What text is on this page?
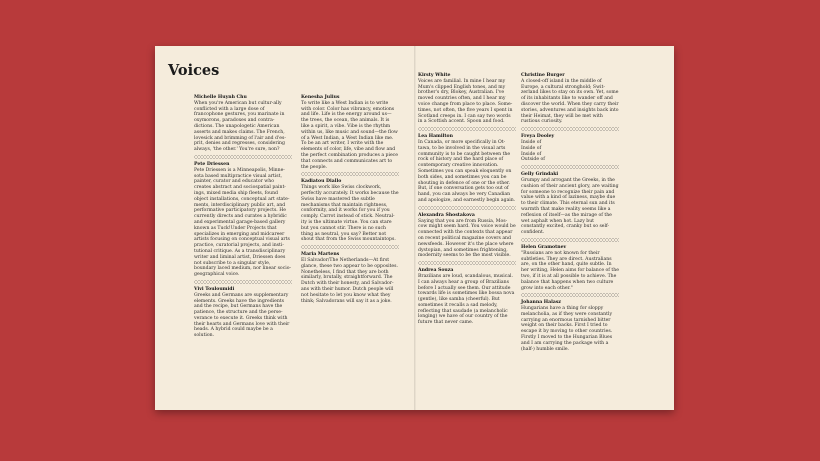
Voices
Michelle Huynh Chu
When you're American but cultur-ally conflicted with a large dose of francophone gestures, you marinate in oxymorons, paradoxes and contra-dictions. The unapologetic American asserts and makes claims. The French, lovesick and brimming of l'air and d'es-prit, denies and regresses, considering always, 'the other.' You're sure, non?
Pete Driessen
Pete Driessen is a Minneapolis, Minne-sota based multipractice visual artist, painter, curator and educator who creates abstract and sociospatial paint-ings, mixed media ship fleets, found object installations, conceptual art state-ments, interdisciplinary public art, and performative participatory projects. He currently directs and curates a hybridic and experimental garage-based gallery known as Tuck!Under Projects that specializes in emerging and midcareer artists focusing on conceptual visual arts practice, curatorial projects, and insti-tutional critique. As a transdisciplinary writer and liminal artist, Driessen does not subscribe to a singular style, boundary laced medium, nor linear socio-geographical voice.
Vivi Touloumidi
Greeks and Germans are supplementary elements. Greeks have the ingredients and the recipe, but Germans have the patience, the structure and the perse-verance to execute it. Greeks think with their hearts and Germans love with their heads. A hybrid could maybe be a solution.
Kenesha Julius
To write like a West Indian is to write with color. Color has vibrancy, emotions and life. Life is the energy around us—the trees, the ocean, the animals. It is like a spirit, a vibe. Vibe is the rhythm within us, like music and sound—the flow of a West Indian, a West Indian like me. To be an art writer, I write with the elements of color, life, vibe and flow and the perfect combination produces a piece that connects and communicates art to the people.
Kadiatou Diallo
Things work like Swiss clockwork, perfectly accurately. It works because the Swiss have mastered the subtle mechanisms that maintain rightness, conformity, and it works for you if you comply. Carrot instead of stick. Neutral-ity is the ultimate virtue. You can stare but you cannot stir. There is no such thing as neutral, you say? Better not shout that from the Swiss mountaintops.
Maria Martens
El Salvador/The Netherlands—At first glance, these two appear to be opposites. Nonetheless, I find that they are both similarly, brutally, straightforward. The Dutch with their honesty, and Salvador-ans with their humor. Dutch people will not hesitate to let you know what they think; Salvadorans will say it as a joke.
Kirsty White
Voices are familial. In mine I hear my Mum's clipped English tones, and my brother's dry, Blokey, Australian. I've moved countries often, and I hear my voice change from place to place. Some-times, not often, the five years I spent in Scotland creeps in. I can say two words in a Scottish accent. Spoon and food.
Lea Hamilton
In Canada, or more specifically in Ot-tawa, to be involved in the visual arts community is to be caught between the rock of history and the hard place of contemporary creative innovation. Sometimes you can speak eloquently on both sides, and sometimes you can be shouting in defence of one or the other. But, if one conversation gets too out of hand, you can always be very Canadian and apologize, and earnestly begin again.
Alexandra Shostakova
Saying that you are from Russia, Mos-cow might seem hard. You voice would be connected with the contexts that appear on recent political magazine covers and newsfeeds. However it's the place where dystopian, and sometimes frightening, modernity seems to be the most visible.
Andrea Souza
Brazilians are loud, scandalous, musical. I can always hear a group of Brazilians before I actually see them. Our attitude towards life is sometimes like bossa nova (gentle), like samba (cheerful). But sometimes it recalls a sad melody, reflecting that saudade (a melancholic longing) we have of our country of the future that never came.
Christine Burger
A closed-off island in the middle of Europe, a cultural stronghold; Swit-zerland likes to stay on its own. Yet, some of its inhabitants like to wander off and discover the world. When they carry their stories, adventures and insights back into their Heimat, they will be met with rustious curiosity.
Freya Dooley
Inside of
Inside of
Inside of
Outside of
Gelly Grindaki
Grumpy and arrogant the Greeks, in the cushion of their ancient glory, are waiting for someone to recognize their pain and value with a kind of laziness, maybe due to their climate. This eternal sun and its warmth that make reality seems like a reflexion of itself—as the mirage of the wet asphalt when hot. Lazy but constantly excited, cranky but so self-confident.
Helen Gramotnev
"Russians are not known for their subtleties. They are direct. Australians are, on the other hand, quite subtle. In her writing, Helen aims for balance of the two, if it is at all possible to achieve. The balance that happens when two culture grow into each other."
Johanna Halasz
Hungarians have a thing for sloppy melancholia, as if they were constantly carrying an enormous tarnished bitter weight on their backs. First I tried to escape it by moving to other countries. Firstly I moved to the Hungarian Blues and I am carrying the package with a (half-) humble smile.
